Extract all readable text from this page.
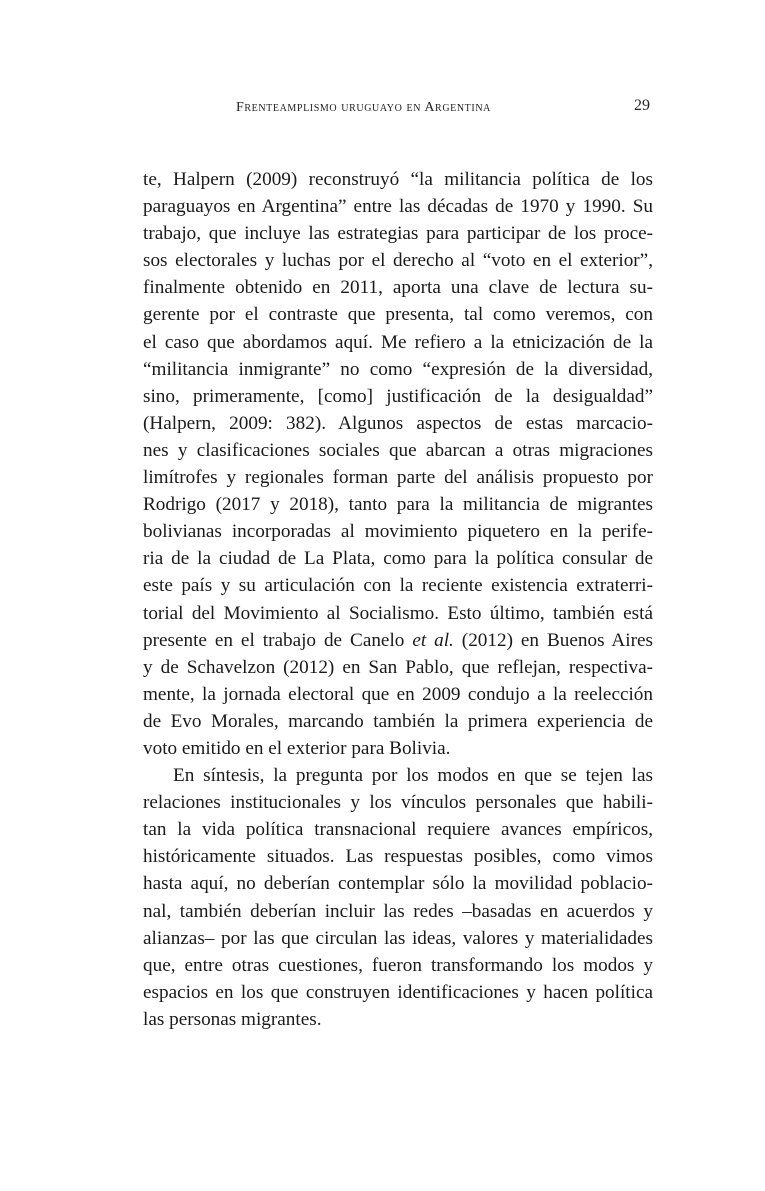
Frenteamplismo uruguayo en Argentina	29
te, Halpern (2009) reconstruyó “la militancia política de los
paraguayos en Argentina” entre las décadas de 1970 y 1990. Su
trabajo, que incluye las estrategias para participar de los proce-
sos electorales y luchas por el derecho al “voto en el exterior”,
finalmente obtenido en 2011, aporta una clave de lectura su-
gerente por el contraste que presenta, tal como veremos, con
el caso que abordamos aquí. Me refiero a la etnicización de la
“militancia inmigrante” no como “expresión de la diversidad,
sino, primeramente, [como] justificación de la desigualdad”
(Halpern, 2009: 382). Algunos aspectos de estas marcacio-
nes y clasificaciones sociales que abarcan a otras migraciones
limítrofes y regionales forman parte del análisis propuesto por
Rodrigo (2017 y 2018), tanto para la militancia de migrantes
bolivianas incorporadas al movimiento piquetero en la perife-
ria de la ciudad de La Plata, como para la política consular de
este país y su articulación con la reciente existencia extraterri-
torial del Movimiento al Socialismo. Esto último, también está
presente en el trabajo de Canelo et al. (2012) en Buenos Aires
y de Schavelzon (2012) en San Pablo, que reflejan, respectiva-
mente, la jornada electoral que en 2009 condujo a la reelección
de Evo Morales, marcando también la primera experiencia de
voto emitido en el exterior para Bolivia.
En síntesis, la pregunta por los modos en que se tejen las
relaciones institucionales y los vínculos personales que habili-
tan la vida política transnacional requiere avances empíricos,
históricamente situados. Las respuestas posibles, como vimos
hasta aquí, no deberían contemplar sólo la movilidad poblacio-
nal, también deberían incluir las redes –basadas en acuerdos y
alianzas– por las que circulan las ideas, valores y materialidades
que, entre otras cuestiones, fueron transformando los modos y
espacios en los que construyen identificaciones y hacen política
las personas migrantes.
